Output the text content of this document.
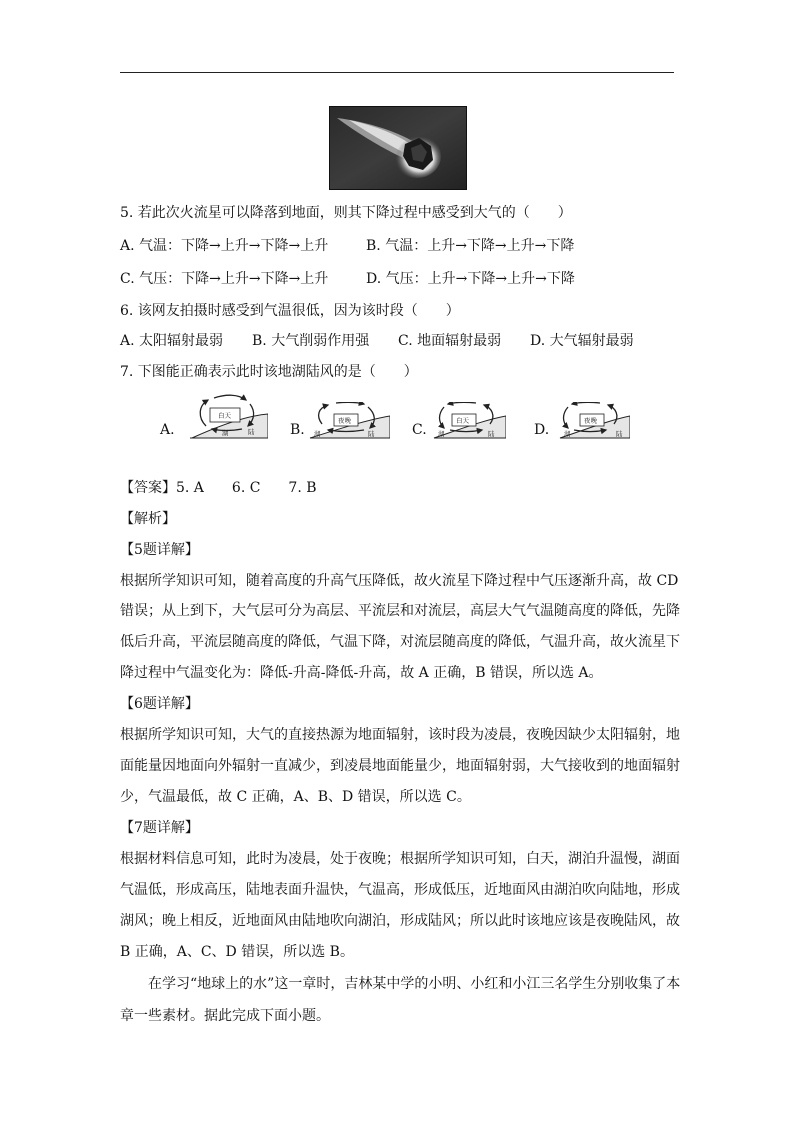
5. 若此次火流星可以降落到地面，则其下降过程中感受到大气的（　　）
A. 气温：下降→上升→下降→上升	B. 气温：上升→下降→上升→下降
C. 气压：下降→上升→下降→上升	D. 气压：上升→下降→上升→下降
6. 该网友拍摄时感受到气温很低，因为该时段（　　）
A. 太阳辐射最弱 B. 大气削弱作用强 C. 地面辐射最弱 D. 大气辐射最弱
7. 下图能正确表示此时该地湖陆风的是（　　）
A.	湖	陆
白天
B. 湖	陆
夜晚
C. 湖	陆
白天
D. 湖	陆
夜晚
【答案】5. A　　6. C　　7. B
【解析】
【5题详解】
根据所学知识可知，随着高度的升高气压降低，故火流星下降过程中气压逐渐升高，故 CD
错误；从上到下，大气层可分为高层、平流层和对流层，高层大气气温随高度的降低，先降
低后升高，平流层随高度的降低，气温下降，对流层随高度的降低，气温升高，故火流星下
降过程中气温变化为：降低-升高-降低-升高，故 A 正确，B 错误，所以选 A。
【6题详解】
根据所学知识可知，大气的直接热源为地面辐射，该时段为凌晨，夜晚因缺少太阳辐射，地
面能量因地面向外辐射一直减少，到凌晨地面能量少，地面辐射弱，大气接收到的地面辐射
少，气温最低，故 C 正确，A、B、D 错误，所以选 C。
【7题详解】
根据材料信息可知，此时为凌晨，处于夜晚；根据所学知识可知，白天，湖泊升温慢，湖面
气温低，形成高压，陆地表面升温快，气温高，形成低压，近地面风由湖泊吹向陆地，形成
湖风；晚上相反，近地面风由陆地吹向湖泊，形成陆风；所以此时该地应该是夜晚陆风，故
B 正确，A、C、D 错误，所以选 B。
在学习“地球上的水”这一章时，吉林某中学的小明、小红和小江三名学生分别收集了本
章一些素材。据此完成下面小题。
